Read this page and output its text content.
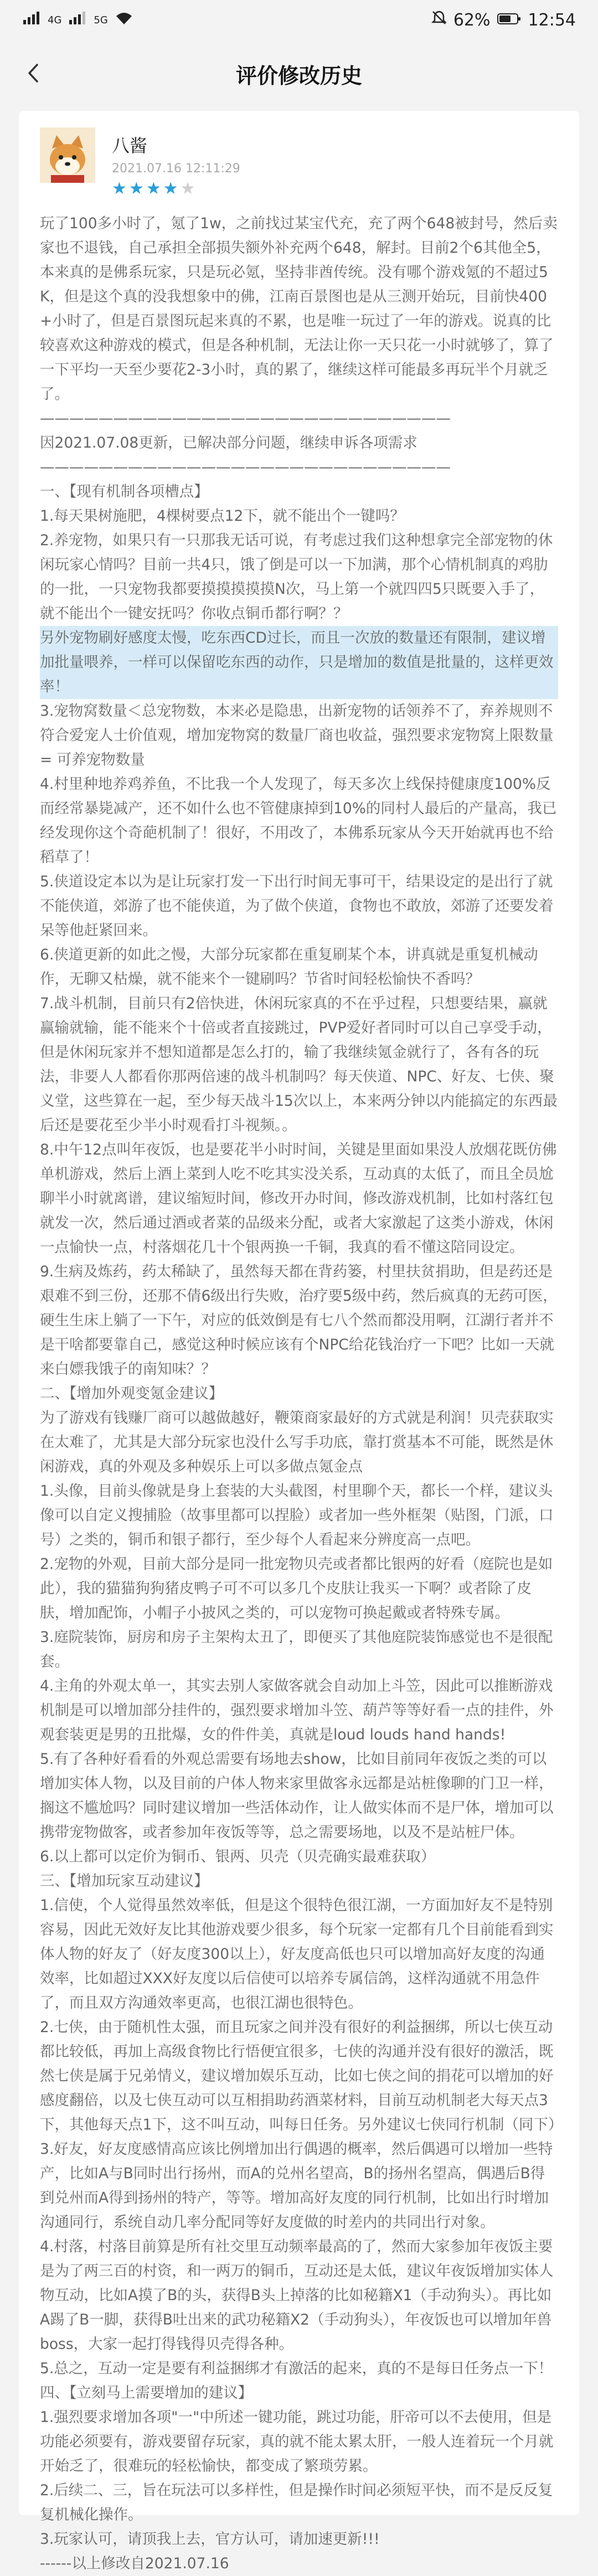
4G	5G	62% 12:54
评价修改历史
八酱
2021.07.16 12:11:29
★★★★★

玩了100多小时了，氪了1w，之前找过某宝代充，充了两个648被封号，然后卖家也不退钱，自己承担全部损失额外补充两个648，解封。目前2个6其他全5，本来真的是佛系玩家，只是玩必氪，坚持非酋传统。没有哪个游戏氪的不超过5K，但是这个真的没我想象中的佛，江南百景图也是从三测开始玩，目前快400+小时了，但是百景图玩起来真的不累，也是唯一玩过了一年的游戏。说真的比较喜欢这种游戏的模式，但是各种机制，无法让你一天只花一小时就够了，算了一下平均一天至少要花2-3小时，真的累了，继续这样可能最多再玩半个月就乏了。

————————————————————————————

因2021.07.08更新，已解决部分问题，继续申诉各项需求

————————————————————————————

一、【现有机制各项槽点】

1.每天果树施肥，4棵树要点12下，就不能出个一键吗？

2.养宠物，如果只有一只那我无话可说，有考虑过我们这种想拿完全部宠物的休闲玩家心情吗？目前一共4只，饿了倒是可以一下加满，那个心情机制真的鸡肋的一批，一只宠物我都要摸摸摸摸摸N次，马上第一个就四四5只既要入手了，就不能出个一键安抚吗？你收点铜币都行啊？？

另外宠物刷好感度太慢，吃东西CD过长，而且一次放的数量还有限制，建议增加批量喂养，一样可以保留吃东西的动作，只是增加的数值是批量的，这样更效率！

3.宠物窝数量＜总宠物数，本来必是隐患，出新宠物的话领养不了，弃养规则不符合爱宠人士价值观，增加宠物窝的数量厂商也收益，强烈要求宠物窝上限数量 = 可养宠物数量

4.村里种地养鸡养鱼，不比我一个人发现了，每天多次上线保持健康度100%反而经常暴毙减产，还不如什么也不管健康掉到10%的同村人最后的产量高，我已经发现你这个奇葩机制了！很好，不用改了，本佛系玩家从今天开始就再也不给稻草了！

5.侠道设定本以为是让玩家打发一下出行时间无事可干，结果设定的是出行了就不能侠道，郊游了也不能侠道，为了做个侠道，食物也不敢放，郊游了还要发着呆等他赶紧回来。

6.侠道更新的如此之慢，大部分玩家都在重复刷某个本，讲真就是重复机械动作，无聊又枯燥，就不能来个一键刷吗？节省时间轻松愉快不香吗？

7.战斗机制，目前只有2倍快进，休闲玩家真的不在乎过程，只想要结果，赢就赢输就输，能不能来个十倍或者直接跳过，PVP爱好者同时可以自己享受手动，但是休闲玩家并不想知道都是怎么打的，输了我继续氪金就行了，各有各的玩法，非要人人都看你那两倍速的战斗机制吗？每天侠道、NPC、好友、七侠、聚义堂，这些算在一起，至少每天战斗15次以上，本来两分钟以内能搞定的东西最后还是要花至少半小时观看打斗视频。。

8.中午12点叫年夜饭，也是要花半小时时间，关键是里面如果没人放烟花既仿佛单机游戏，然后上酒上菜到人吃不吃其实没关系，互动真的太低了，而且全员尬聊半小时就离谱，建议缩短时间，修改开办时间，修改游戏机制，比如村落红包就发一次，然后通过酒或者菜的品级来分配，或者大家激起了这类小游戏，休闲一点愉快一点，村落烟花几十个银两换一千铜，我真的看不懂这陪同设定。

9.生病及炼药，药太稀缺了，虽然每天都在背药篓，村里扶贫捐助，但是药还是艰难不到三份，还那不倩6级出行失败，治疗要5级中药，然后疯真的无药可医，硬生生床上躺了一下午，对应的低效倒是有七八个然而都没用啊，江湖行者并不是干啥都要靠自己，感觉这种时候应该有个NPC给花钱治疗一下吧？比如一天就来白嫖我饿子的南知味？？

二、【增加外观变氪金建议】

为了游戏有钱赚厂商可以越做越好，鞭策商家最好的方式就是利润！贝壳获取实在太难了，尤其是大部分玩家也没什么写手功底，靠打赏基本不可能，既然是休闲游戏，真的外观及多种娱乐上可以多做点氪金点

1.头像，目前头像就是身上套装的大头截图，村里聊个天，都长一个样，建议头像可以自定义搜捕脸（故事里都可以捏脸）或者加一些外框架（贴图，门派，口号）之类的，铜币和银子都行，至少每个人看起来分辨度高一点吧。

2.宠物的外观，目前大部分是同一批宠物贝壳或者都比银两的好看（庭院也是如此），我的猫猫狗狗猪皮鸭子可不可以多几个皮肤让我买一下啊？或者除了皮肤，增加配饰，小帽子小披风之类的，可以宠物可换起戴或者特殊专属。

3.庭院装饰，厨房和房子主架构太丑了，即便买了其他庭院装饰感觉也不是很配套。

4.主角的外观太单一，其实去别人家做客就会自动加上斗笠，因此可以推断游戏机制是可以增加部分挂件的，强烈要求增加斗笠、葫芦等等好看一点的挂件，外观套装更是男的丑批爆，女的件件美，真就是loud louds hand hands!

5.有了各种好看看的外观总需要有场地去show，比如目前同年夜饭之类的可以增加实体人物，以及目前的户体人物来家里做客永远都是站桩像聊的门卫一样，搁这不尴尬吗？同时建议增加一些活体动作，让人做实体而不是尸体，增加可以携带宠物做客，或者参加年夜饭等等，总之需要场地，以及不是站桩尸体。

6.以上都可以定价为铜币、银两、贝壳（贝壳确实最难获取）

三、【增加玩家互动建议】

1.信使，个人觉得虽然效率低，但是这个很特色很江湖，一方面加好友不是特别容易，因此无效好友比其他游戏要少很多，每个玩家一定都有几个目前能看到实体人物的好友了（好友度300以上），好友度高低也只可以增加高好友度的沟通效率，比如超过XXX好友度以后信使可以培养专属信鸽，这样沟通就不用急件了，而且双方沟通效率更高，也很江湖也很特色。

2.七侠，由于随机性太强，而且玩家之间并没有很好的利益捆绑，所以七侠互动都比较低，再加上高级食物比行悟便宜很多，七侠的沟通并没有很好的激活，既然七侠是属于兄弟情义，建议增加娱乐互动，比如七侠之间的捐花可以增加的好感度翻倍，以及七侠互动可以互相捐助药酒菜材料，目前互动机制老大每天点3下，其他每天点1下，这不叫互动，叫每日任务。另外建议七侠同行机制（同下）

3.好友，好友度感情高应该比例增加出行偶遇的概率，然后偶遇可以增加一些特产，比如A与B同时出行扬州，而A的兑州名望高，B的扬州名望高，偶遇后B得到兑州而A得到扬州的特产，等等。增加高好友度的同行机制，比如出行时增加沟通同行，系统自动几率分配同等好友度做的时差内的共同出行对象。

4.村落，村落目前算是所有社交里互动频率最高的了，然而大家参加年夜饭主要是为了两三百的村资，和一两万的铜币，互动还是太低，建议年夜饭增加实体人物互动，比如A摸了B的头，获得B头上掉落的比如秘籍X1（手动狗头）。再比如A踢了B一脚，获得B吐出来的武功秘籍X2（手动狗头），年夜饭也可以增加年兽boss，大家一起打得钱得贝壳得各种。

5.总之，互动一定是要有利益捆绑才有激活的起来，真的不是每日任务点一下！

四、【立刻马上需要增加的建议】

1.强烈要求增加各项"一"中所述一键功能，跳过功能，肝帝可以不去使用，但是功能必须要有，游戏要留存玩家，真的就不能太累太肝，一般人连着玩一个月就开始乏了，很难玩的轻松愉快，都变成了繁琐劳累。

2.后续二、三，旨在玩法可以多样性，但是操作时间必须短平快，而不是反反复复机械化操作。

3.玩家认可，请顶我上去，官方认可，请加速更新!!!

------以上修改自2021.07.16
